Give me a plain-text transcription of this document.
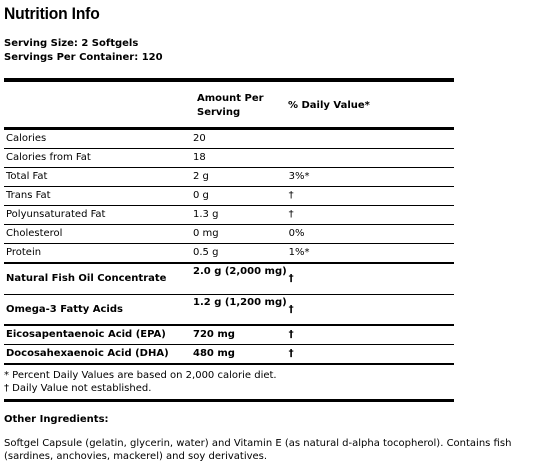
Nutrition Info
Serving Size: 2 Softgels
Servings Per Container: 120
Amount Per
Serving
% Daily Value*
Calories	20	
Calories from Fat	18	
Total Fat	2 g	3%*
Trans Fat	0 g	†
Polyunsaturated Fat	1.3 g	†
Cholesterol	0 mg	0%
Protein	0.5 g	1%*
Natural Fish Oil Concentrate	2.0 g (2,000 mg)	†
Omega-3 Fatty Acids	1.2 g (1,200 mg)	†
Eicosapentaenoic Acid (EPA)	720 mg	†
Docosahexaenoic Acid (DHA)	480 mg	†
* Percent Daily Values are based on 2,000 calorie diet.
† Daily Value not established.
Other Ingredients:
Softgel Capsule (gelatin, glycerin, water) and Vitamin E (as natural d-alpha tocopherol). Contains fish (sardines, anchovies, mackerel) and soy derivatives.
